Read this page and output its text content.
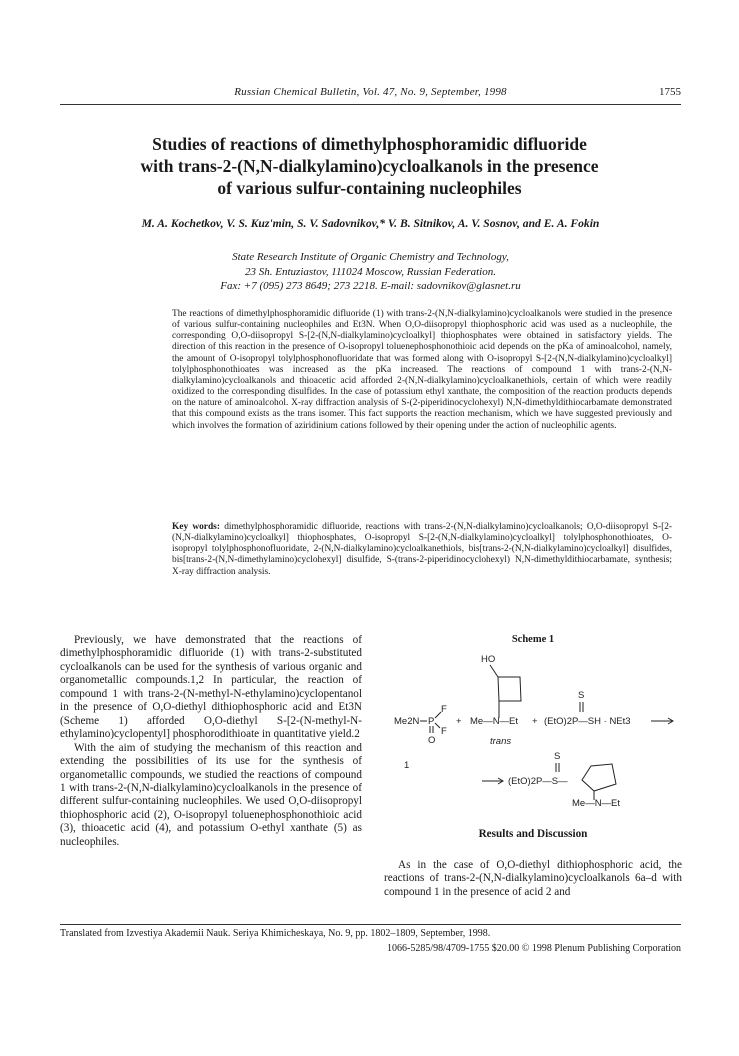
Russian Chemical Bulletin, Vol. 47, No. 9, September, 1998	1755
Studies of reactions of dimethylphosphoramidic difluoride
with trans-2-(N,N-dialkylamino)cycloalkanols in the presence
of various sulfur-containing nucleophiles
M. A. Kochetkov, V. S. Kuz'min, S. V. Sadovnikov,* V. B. Sitnikov, A. V. Sosnov, and E. A. Fokin
State Research Institute of Organic Chemistry and Technology,
23 Sh. Entuziastov, 111024 Moscow, Russian Federation.
Fax: +7 (095) 273 8649; 273 2218. E-mail: sadovnikov@glasnet.ru
The reactions of dimethylphosphoramidic difluoride (1) with trans-2-(N,N-dialkylamino)cycloalkanols were studied in the presence of various sulfur-containing nucleophiles and Et3N. When O,O-diisopropyl thiophosphoric acid was used as a nucleophile, the corresponding O,O-diisopropyl S-[2-(N,N-dialkylamino)cycloalkyl] thiophosphates were obtained in satisfactory yields. The direction of this reaction in the presence of O-isopropyl toluenephosphonothioic acid depends on the pKa of aminoalcohol, namely, the amount of O-isopropyl tolylphosphonofluoridate that was formed along with O-isopropyl S-[2-(N,N-dialkylamino)cycloalkyl] tolylphosphonothioates was increased as the pKa increased. The reactions of compound 1 with trans-2-(N,N-dialkylamino)cycloalkanols and thioacetic acid afforded 2-(N,N-dialkylamino)cycloalkanethiols, certain of which were readily oxidized to the corresponding disulfides. In the case of potassium ethyl xanthate, the composition of the reaction products depends on the nature of aminoalcohol. X-ray diffraction analysis of S-(2-piperidinocyclohexyl) N,N-dimethyldithiocarbamate demonstrated that this compound exists as the trans isomer. This fact supports the reaction mechanism, which we have suggested previously and which involves the formation of aziridinium cations followed by their opening under the action of nucleophilic agents.
Key words: dimethylphosphoramidic difluoride, reactions with trans-2-(N,N-dialkylamino)cycloalkanols; O,O-diisopropyl S-[2-(N,N-dialkylamino)cycloalkyl] thiophosphates, O-isopropyl S-[2-(N,N-dialkylamino)cycloalkyl] tolylphosphonothioates, O-isopropyl tolylphosphonofluoridate, 2-(N,N-dialkylamino)cycloalkanethiols, bis[trans-2-(N,N-dialkylamino)cycloalkyl] disulfides, bis[trans-2-(N,N-dimethylamino)cyclohexyl] disulfide, S-(trans-2-piperidinocyclohexyl) N,N-dimethyldithiocarbamate, synthesis; X-ray diffraction analysis.

Previously, we have demonstrated that the reactions of dimethylphosphoramidic difluoride (1) with trans-2-substituted cycloalkanols can be used for the synthesis of various organic and organometallic compounds.1,2 In particular, the reaction of compound 1 with trans-2-(N-methyl-N-ethylamino)cyclopentanol in the presence of O,O-diethyl dithiophosphoric acid and Et3N (Scheme 1) afforded O,O-diethyl S-[2-(N-methyl-N-ethylamino)cyclopentyl] phosphorodithioate in quantitative yield.2

With the aim of studying the mechanism of this reaction and extending the possibilities of its use for the synthesis of organometallic compounds, we studied the reactions of compound 1 with trans-2-(N,N-dialkylamino)cycloalkanols in the presence of different sulfur-containing nucleophiles. We used O,O-diisopropyl thiophosphoric acid (2), O-isopropyl toluenephosphonothioic acid (3), thioacetic acid (4), and potassium O-ethyl xanthate (5) as nucleophiles.

Scheme 1
HO
Me2N P
F
F
O
1
+ Me—N—Et
trans
+
S
(EtO)2P—SH · NEt3
S
(EtO)2P—S—
Me—N—Et
Results and Discussion

As in the case of O,O-diethyl dithiophosphoric acid, the reactions of trans-2-(N,N-dialkylamino)cycloalkanols 6a–d with compound 1 in the presence of acid 2 and

Translated from Izvestiya Akademii Nauk. Seriya Khimicheskaya, No. 9, pp. 1802–1809, September, 1998.
1066-5285/98/4709-1755 $20.00 © 1998 Plenum Publishing Corporation
